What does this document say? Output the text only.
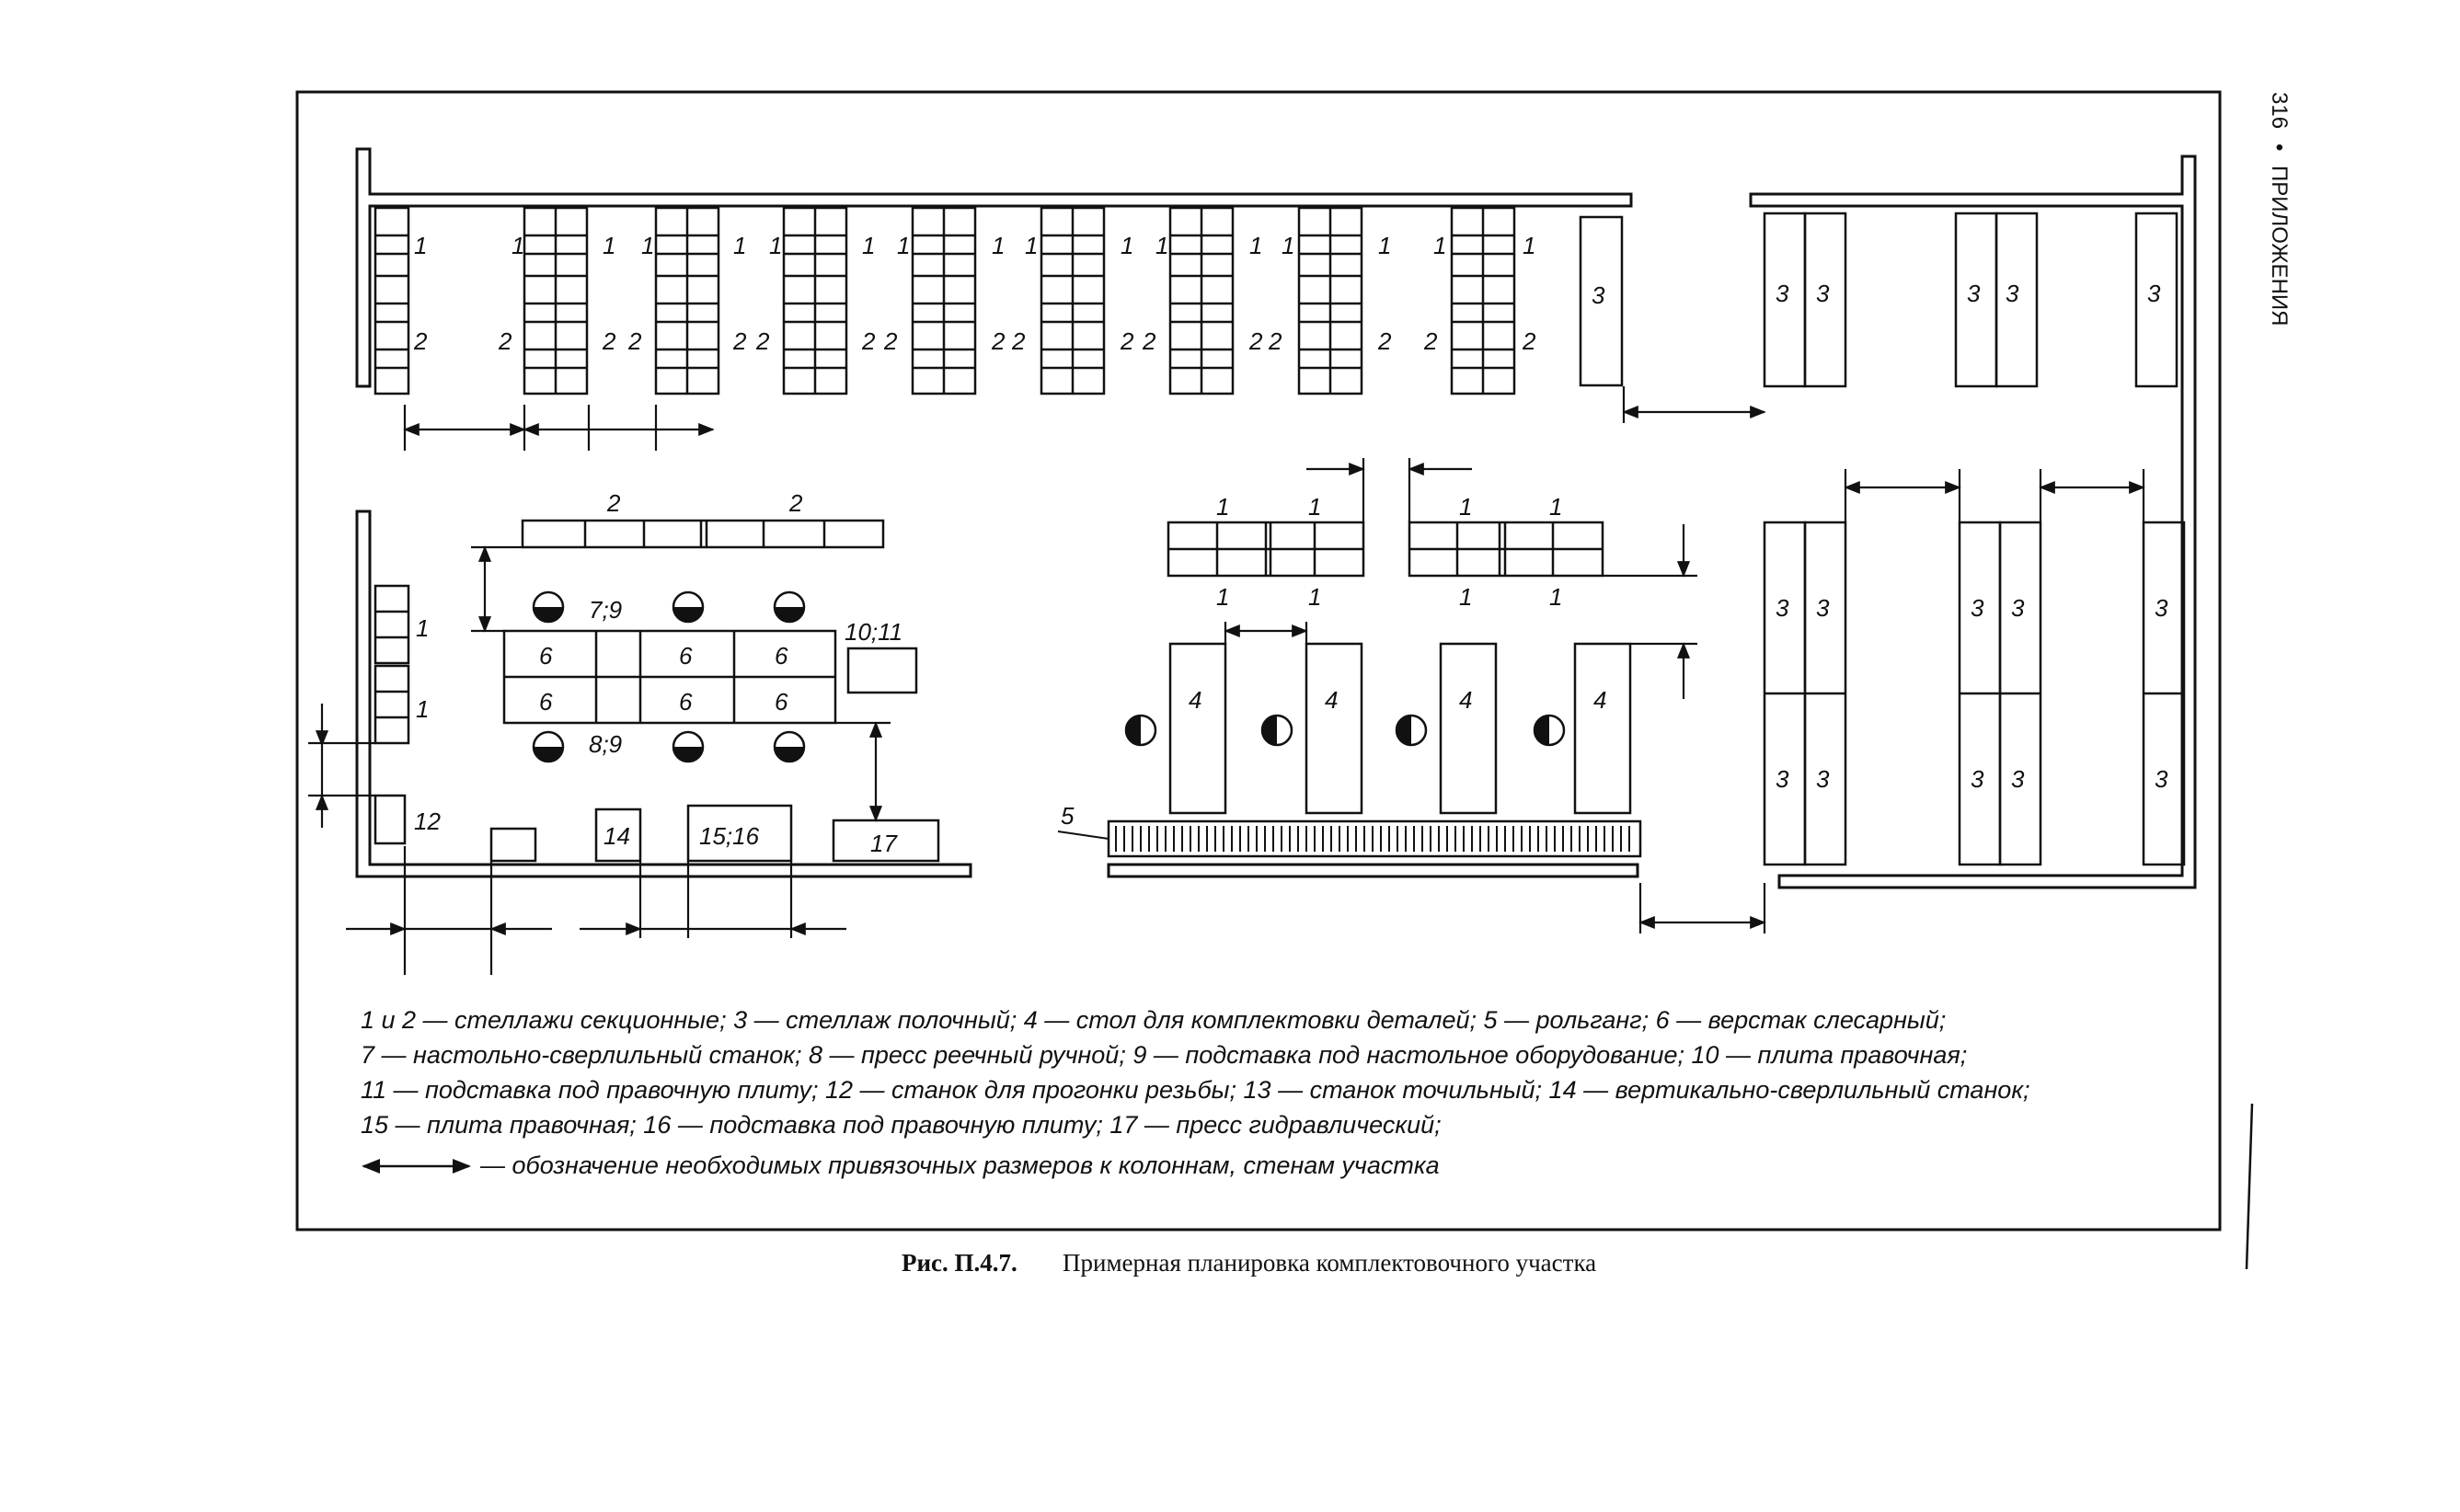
7;9
8;9
10;11
12
14	15;16	17
5
1
2
1	1
2	2
1	1
2	2
1	1
2	2
1	1
2	2
1	1
2	2
1	1
2	2
1	1
2	2
1	1
2	2
3	3 3	3 3	3
3 3	3 3	3
3 3	3 3	3
2	2
1
1
6	6	6
6	6	6
1	1	1	1
1	1	1	1
4	4	4	4
1 и 2 — стеллажи секционные; 3 — стеллаж полочный; 4 — стол для комплектовки деталей; 5 — рольганг; 6 — верстак слесарный;
7 — настольно-сверлильный станок; 8 — пресс реечный ручной; 9 — подставка под настольное оборудование; 10 — плита правочная;
11 — подставка под правочную плиту; 12 — станок для прогонки резьбы; 13 — станок точильный; 14 — вертикально-сверлильный станок;
15 — плита правочная; 16 — подставка под правочную плиту; 17 — пресс гидравлический;
— обозначение необходимых привязочных размеров к колоннам, стенам участка
Рис. П.4.7. Примерная планировка комплектовочного участка
316
•
ПРИЛОЖЕНИЯ
